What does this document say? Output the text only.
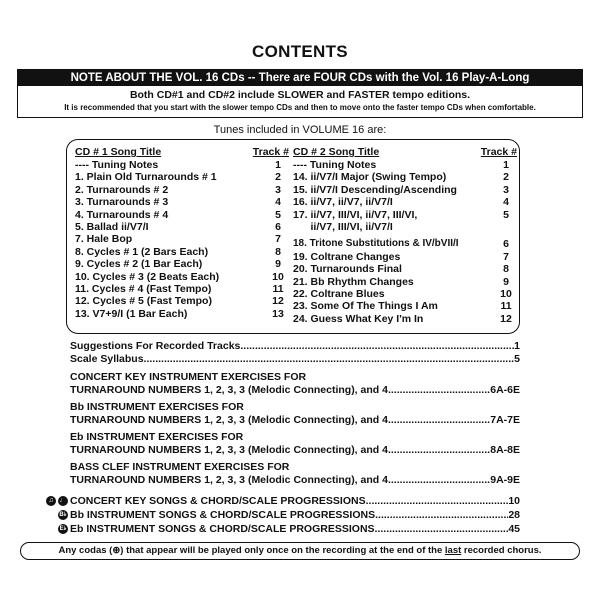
CONTENTS
NOTE ABOUT THE VOL. 16 CDs -- There are FOUR CDs with the Vol. 16 Play-A-Long
Both CD#1 and CD#2 include SLOWER and FASTER tempo editions.
It is recommended that you start with the slower tempo CDs and then to move onto the faster tempo CDs when comfortable.
Tunes included in VOLUME 16 are:
CD # 1 Song Title	Track #
---- Tuning Notes	1
1. Plain Old Turnarounds # 1	2
2. Turnarounds # 2	3
3. Turnarounds # 3	4
4. Turnarounds # 4	5
5. Ballad ii/V7/I	6
7. Hale Bop	7
8. Cycles # 1 (2 Bars Each)	8
9. Cycles # 2 (1 Bar Each)	9
10. Cycles # 3 (2 Beats Each)	10
11. Cycles # 4 (Fast Tempo)	11
12. Cycles # 5 (Fast Tempo)	12
13. V7+9/I (1 Bar Each)	13
CD # 2 Song Title	Track #
---- Tuning Notes	1
14. ii/V7/I Major (Swing Tempo)	2
15. ii/V7/I Descending/Ascending	3
16. ii/V7, ii/V7, ii/V7/I	4
17. ii/V7, III/VI, ii/V7, III/VI,	5
ii/V7, III/VI, ii/V7/I
18. Tritone Substitutions & IV/bVII/I	6
19. Coltrane Changes	7
20. Turnarounds Final	8
21. Bb Rhythm Changes	9
22. Coltrane Blues	10
23. Some Of The Things I Am	11
24. Guess What Key I'm In	12
Suggestions For Recorded Tracks .....	1
Scale Syllabus .....	5
CONCERT KEY INSTRUMENT EXERCISES FOR
TURNAROUND NUMBERS 1, 2, 3, 3 (Melodic Connecting), and 4 .....	6A-6E
Bb INSTRUMENT EXERCISES FOR
TURNAROUND NUMBERS 1, 2, 3, 3 (Melodic Connecting), and 4 .....	7A-7E
Eb INSTRUMENT EXERCISES FOR
TURNAROUND NUMBERS 1, 2, 3, 3 (Melodic Connecting), and 4 .....	8A-8E
BASS CLEF INSTRUMENT EXERCISES FOR
TURNAROUND NUMBERS 1, 2, 3, 3 (Melodic Connecting), and 4 .....	9A-9E
♫ ♩ CONCERT KEY SONGS & CHORD/SCALE PROGRESSIONS .....	10
B♭ Bb INSTRUMENT SONGS & CHORD/SCALE PROGRESSIONS .....	28
E♭ Eb INSTRUMENT SONGS & CHORD/SCALE PROGRESSIONS .....	45
Any codas (⊕) that appear will be played only once on the recording at the end of the last recorded chorus.
